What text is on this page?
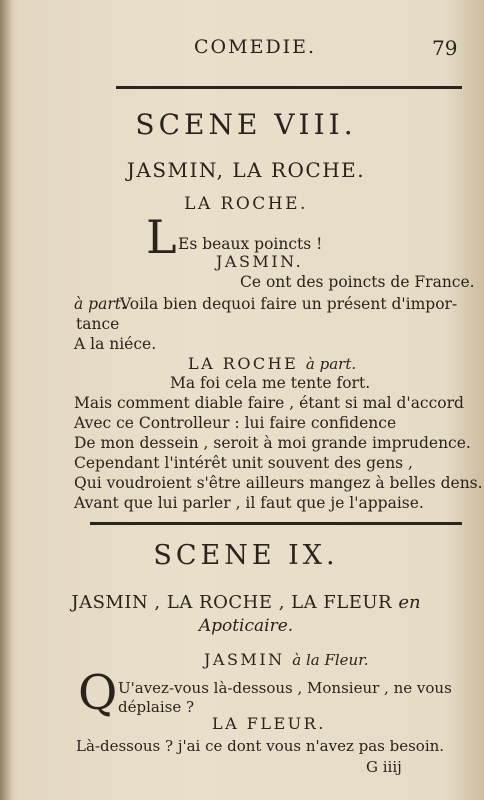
COMEDIE.	79
SCENE VIII.
JASMIN, LA ROCHE.
LA ROCHE.
L Es beaux poincts !
JASMIN.
Ce ont des poincts de France.
à part.
Voila bien dequoi faire un présent d'impor-
tance
A la niéce.
LA ROCHE à part.
Ma foi cela me tente fort.
Mais comment diable faire , étant si mal d'accord
Avec ce Controlleur : lui faire confidence
De mon dessein , seroit à moi grande imprudence.
Cependant l'intérêt unit souvent des gens ,
Qui voudroient s'être ailleurs mangez à belles dens.
Avant que lui parler , il faut que je l'appaise.
SCENE IX.
JASMIN , LA ROCHE , LA FLEUR en
Apoticaire.
JASMIN à la Fleur.
Q U'avez-vous là-dessous , Monsieur , ne vous
déplaise ?
LA FLEUR.
Là-dessous ? j'ai ce dont vous n'avez pas besoin.
G iiij
